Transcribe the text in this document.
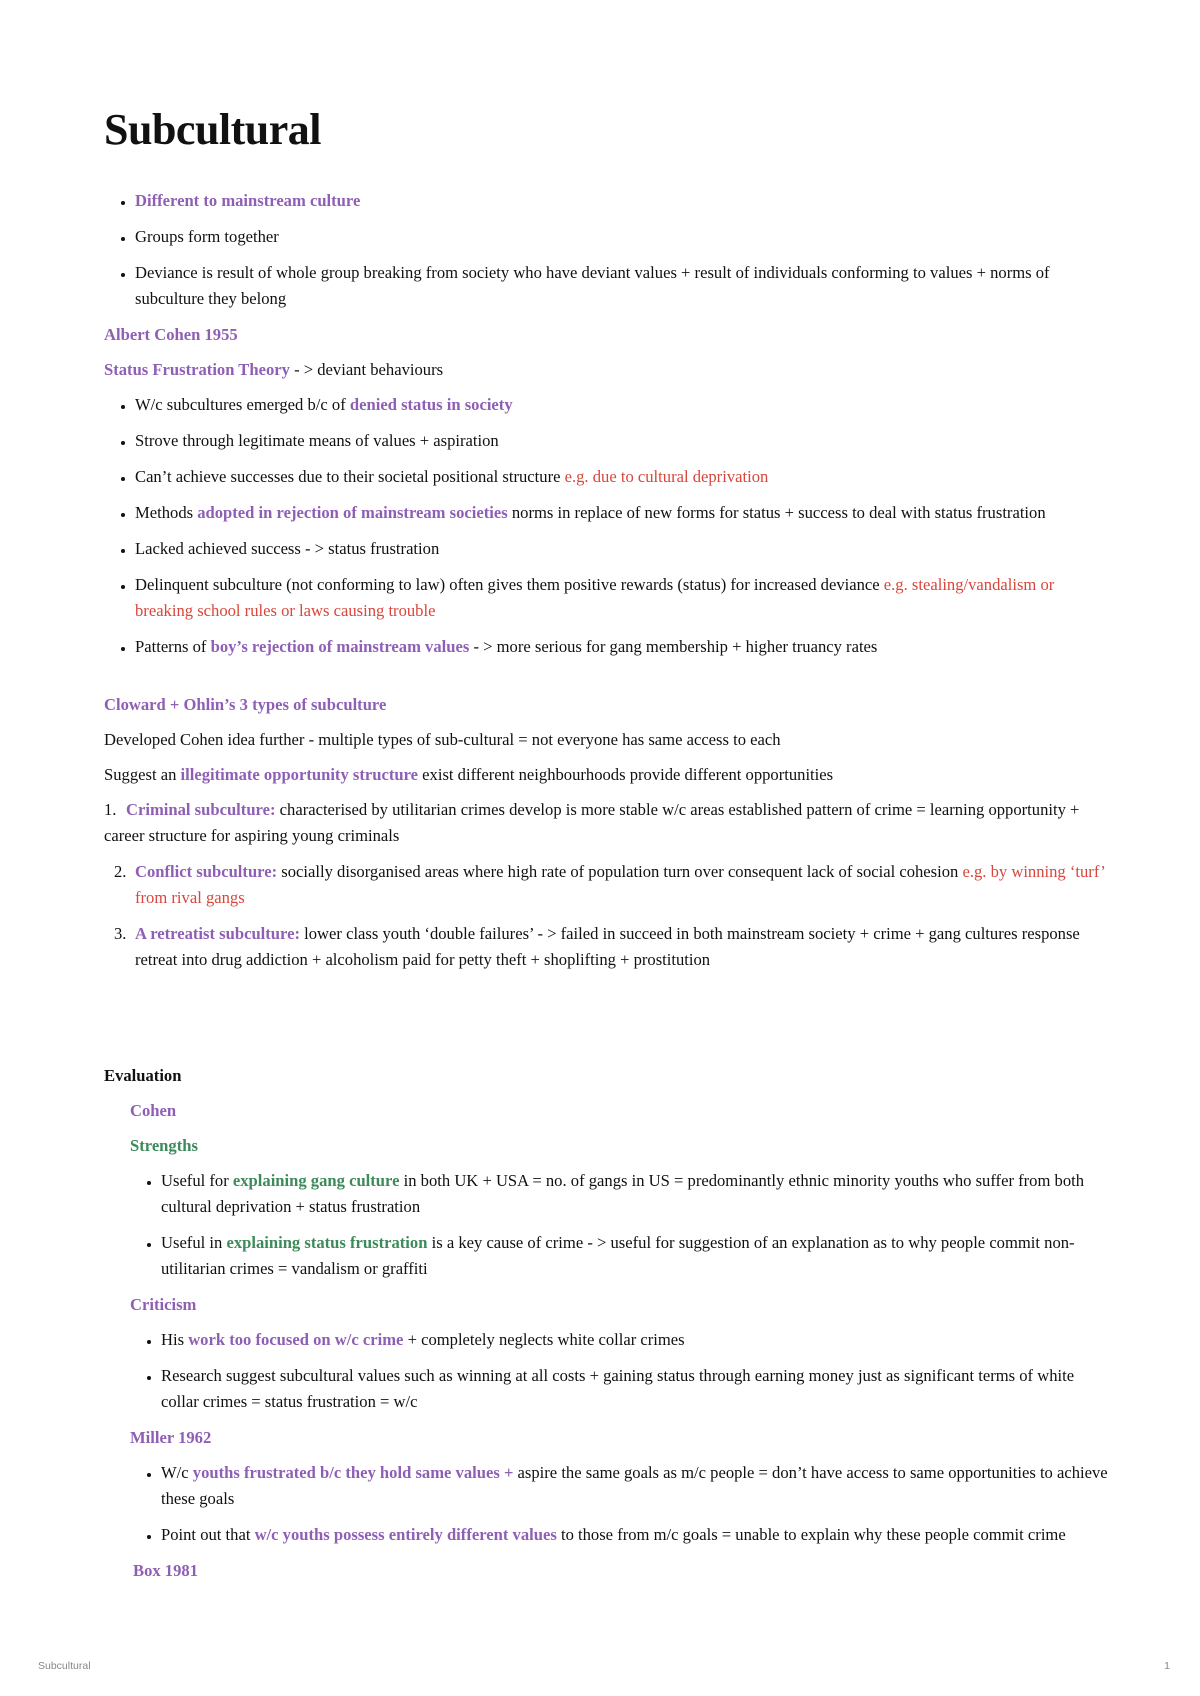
Subcultural
• Different to mainstream culture
• Groups form together
• Deviance is result of whole group breaking from society who have deviant values + result of individuals conforming to values + norms of subculture they belong

Albert Cohen 1955

Status Frustration Theory - > deviant behaviours

• W/c subcultures emerged b/c of denied status in society
• Strove through legitimate means of values + aspiration
• Can’t achieve successes due to their societal positional structure e.g. due to cultural deprivation
• Methods adopted in rejection of mainstream societies norms in replace of new forms for status + success to deal with status frustration
• Lacked achieved success - > status frustration
• Delinquent subculture (not conforming to law) often gives them positive rewards (status) for increased deviance e.g. stealing/vandalism or breaking school rules or laws causing trouble
• Patterns of boy’s rejection of mainstream values - > more serious for gang membership + higher truancy rates

Cloward + Ohlin’s 3 types of subculture

Developed Cohen idea further - multiple types of sub-cultural = not everyone has same access to each

Suggest an illegitimate opportunity structure exist different neighbourhoods provide different opportunities

1. Criminal subculture: characterised by utilitarian crimes develop is more stable w/c areas established pattern of crime = learning opportunity + career structure for aspiring young criminals
2. Conflict subculture: socially disorganised areas where high rate of population turn over consequent lack of social cohesion e.g. by winning ‘turf’ from rival gangs
3. A retreatist subculture: lower class youth ‘double failures’ - > failed in succeed in both mainstream society + crime + gang cultures response retreat into drug addiction + alcoholism paid for petty theft + shoplifting + prostitution

Evaluation

Cohen

Strengths

• Useful for explaining gang culture in both UK + USA = no. of gangs in US = predominantly ethnic minority youths who suffer from both cultural deprivation + status frustration
• Useful in explaining status frustration is a key cause of crime - > useful for suggestion of an explanation as to why people commit non-utilitarian crimes = vandalism or graffiti

Criticism

• His work too focused on w/c crime + completely neglects white collar crimes
• Research suggest subcultural values such as winning at all costs + gaining status through earning money just as significant terms of white collar crimes = status frustration = w/c

Miller 1962

• W/c youths frustrated b/c they hold same values + aspire the same goals as m/c people = don’t have access to same opportunities to achieve these goals
• Point out that w/c youths possess entirely different values to those from m/c goals = unable to explain why these people commit crime

Box 1981

Subcultural	1
